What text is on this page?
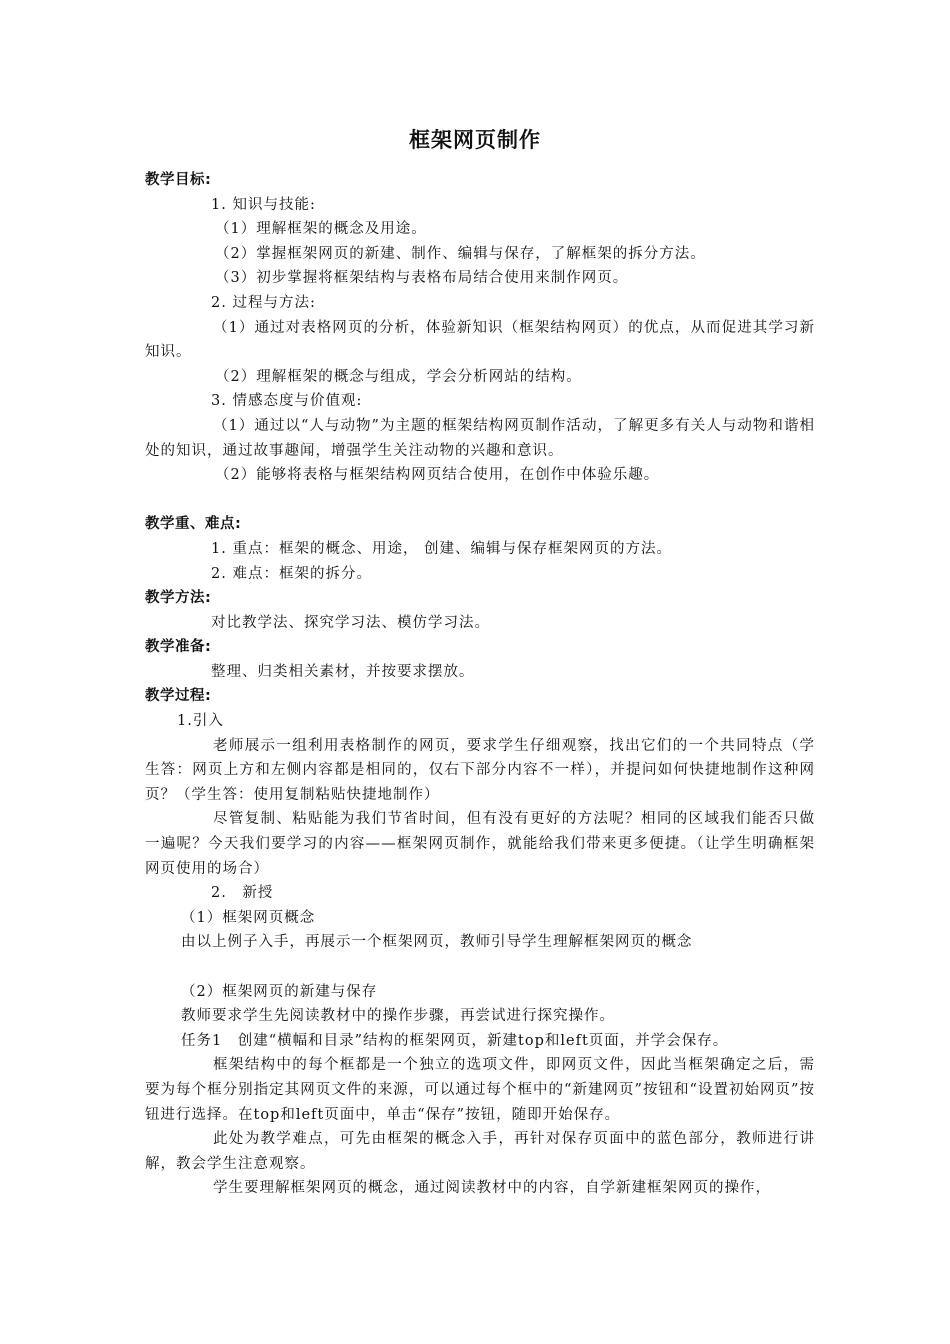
框架网页制作

教学目标:

1. 知识与技能:

（1）理解框架的概念及用途。

（2）掌握框架网页的新建、制作、编辑与保存，了解框架的拆分方法。

（3）初步掌握将框架结构与表格布局结合使用来制作网页。

2. 过程与方法:

（1）通过对表格网页的分析，体验新知识（框架结构网页）的优点，从而促进其学习新知识。

（2）理解框架的概念与组成，学会分析网站的结构。

3. 情感态度与价值观:

（1）通过以“人与动物”为主题的框架结构网页制作活动，了解更多有关人与动物和谐相处的知识，通过故事趣闻，增强学生关注动物的兴趣和意识。

（2）能够将表格与框架结构网页结合使用，在创作中体验乐趣。

教学重、难点:

1. 重点：框架的概念、用途， 创建、编辑与保存框架网页的方法。

2. 难点：框架的拆分。

教学方法:

对比教学法、探究学习法、模仿学习法。

教学准备:

整理、归类相关素材，并按要求摆放。

教学过程:

1.引入

老师展示一组利用表格制作的网页，要求学生仔细观察，找出它们的一个共同特点（学生答：网页上方和左侧内容都是相同的，仅右下部分内容不一样），并提问如何快捷地制作这种网页？（学生答：使用复制粘贴快捷地制作）

尽管复制、粘贴能为我们节省时间，但有没有更好的方法呢？相同的区域我们能否只做一遍呢？今天我们要学习的内容——框架网页制作，就能给我们带来更多便捷。（让学生明确框架网页使用的场合）

2.　新授

（1）框架网页概念

由以上例子入手，再展示一个框架网页，教师引导学生理解框架网页的概念

（2）框架网页的新建与保存

教师要求学生先阅读教材中的操作步骤，再尝试进行探究操作。

任务1　创建“横幅和目录”结构的框架网页，新建top和left页面，并学会保存。

框架结构中的每个框都是一个独立的选项文件，即网页文件，因此当框架确定之后，需要为每个框分别指定其网页文件的来源，可以通过每个框中的“新建网页”按钮和“设置初始网页”按钮进行选择。在top和left页面中，单击“保存”按钮，随即开始保存。

此处为教学难点，可先由框架的概念入手，再针对保存页面中的蓝色部分，教师进行讲解，教会学生注意观察。

学生要理解框架网页的概念，通过阅读教材中的内容，自学新建框架网页的操作，
